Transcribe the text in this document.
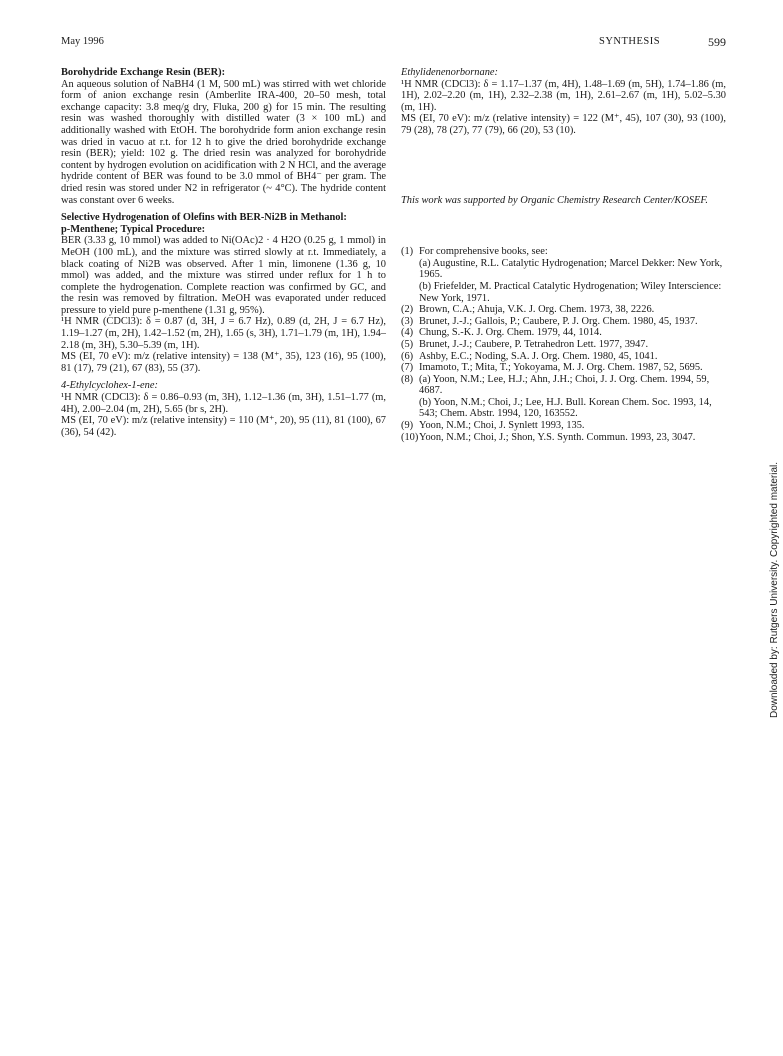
May 1996	SYNTHESIS	599
Borohydride Exchange Resin (BER):
An aqueous solution of NaBH4 (1 M, 500 mL) was stirred with wet chloride form of anion exchange resin (Amberlite IRA-400, 20–50 mesh, total exchange capacity: 3.8 meq/g dry, Fluka, 200 g) for 15 min. The resulting resin was washed thoroughly with distilled water (3 × 100 mL) and additionally washed with EtOH. The borohydride form anion exchange resin was dried in vacuo at r.t. for 12 h to give the dried borohydride exchange resin (BER); yield: 102 g. The dried resin was analyzed for borohydride content by hydrogen evolution on acidification with 2 N HCl, and the average hydride content of BER was found to be 3.0 mmol of BH4⁻ per gram. The dried resin was stored under N2 in refrigerator (~ 4°C). The hydride content was constant over 6 weeks.
Selective Hydrogenation of Olefins with BER-Ni2B in Methanol:
p-Menthene; Typical Procedure:
BER (3.33 g, 10 mmol) was added to Ni(OAc)2 · 4 H2O (0.25 g, 1 mmol) in MeOH (100 mL), and the mixture was stirred slowly at r.t. Immediately, a black coating of Ni2B was observed. After 1 min, limonene (1.36 g, 10 mmol) was added, and the mixture was stirred under reflux for 1 h to complete the hydrogenation. Complete reaction was confirmed by GC, and the resin was removed by filtration. MeOH was evaporated under reduced pressure to yield pure p-menthene (1.31 g, 95%).
¹H NMR (CDCl3): δ = 0.87 (d, 3H, J = 6.7 Hz), 0.89 (d, 2H, J = 6.7 Hz), 1.19–1.27 (m, 2H), 1.42–1.52 (m, 2H), 1.65 (s, 3H), 1.71–1.79 (m, 1H), 1.94–2.18 (m, 3H), 5.30–5.39 (m, 1H).
MS (EI, 70 eV): m/z (relative intensity) = 138 (M⁺, 35), 123 (16), 95 (100), 81 (17), 79 (21), 67 (83), 55 (37).
4-Ethylcyclohex-1-ene:
¹H NMR (CDCl3): δ = 0.86–0.93 (m, 3H), 1.12–1.36 (m, 3H), 1.51–1.77 (m, 4H), 2.00–2.04 (m, 2H), 5.65 (br s, 2H).
MS (EI, 70 eV): m/z (relative intensity) = 110 (M⁺, 20), 95 (11), 81 (100), 67 (36), 54 (42).
Ethylidenenorbornane:
¹H NMR (CDCl3): δ = 1.17–1.37 (m, 4H), 1.48–1.69 (m, 5H), 1.74–1.86 (m, 1H), 2.02–2.20 (m, 1H), 2.32–2.38 (m, 1H), 2.61–2.67 (m, 1H), 5.02–5.30 (m, 1H).
MS (EI, 70 eV): m/z (relative intensity) = 122 (M⁺, 45), 107 (30), 93 (100), 79 (28), 78 (27), 77 (79), 66 (20), 53 (10).
This work was supported by Organic Chemistry Research Center/KOSEF.
(1) For comprehensive books, see:
(a) Augustine, R.L. Catalytic Hydrogenation; Marcel Dekker: New York, 1965.
(b) Friefelder, M. Practical Catalytic Hydrogenation; Wiley Interscience: New York, 1971.
(2) Brown, C.A.; Ahuja, V.K. J. Org. Chem. 1973, 38, 2226.
(3) Brunet, J.-J.; Gallois, P.; Caubere, P. J. Org. Chem. 1980, 45, 1937.
(4) Chung, S.-K. J. Org. Chem. 1979, 44, 1014.
(5) Brunet, J.-J.; Caubere, P. Tetrahedron Lett. 1977, 3947.
(6) Ashby, E.C.; Noding, S.A. J. Org. Chem. 1980, 45, 1041.
(7) Imamoto, T.; Mita, T.; Yokoyama, M. J. Org. Chem. 1987, 52, 5695.
(8) (a) Yoon, N.M.; Lee, H.J.; Ahn, J.H.; Choi, J. J. Org. Chem. 1994, 59, 4687.
(b) Yoon, N.M.; Choi, J.; Lee, H.J. Bull. Korean Chem. Soc. 1993, 14, 543; Chem. Abstr. 1994, 120, 163552.
(9) Yoon, N.M.; Choi, J. Synlett 1993, 135.
(10) Yoon, N.M.; Choi, J.; Shon, Y.S. Synth. Commun. 1993, 23, 3047.
Downloaded by: Rutgers University. Copyrighted material.
